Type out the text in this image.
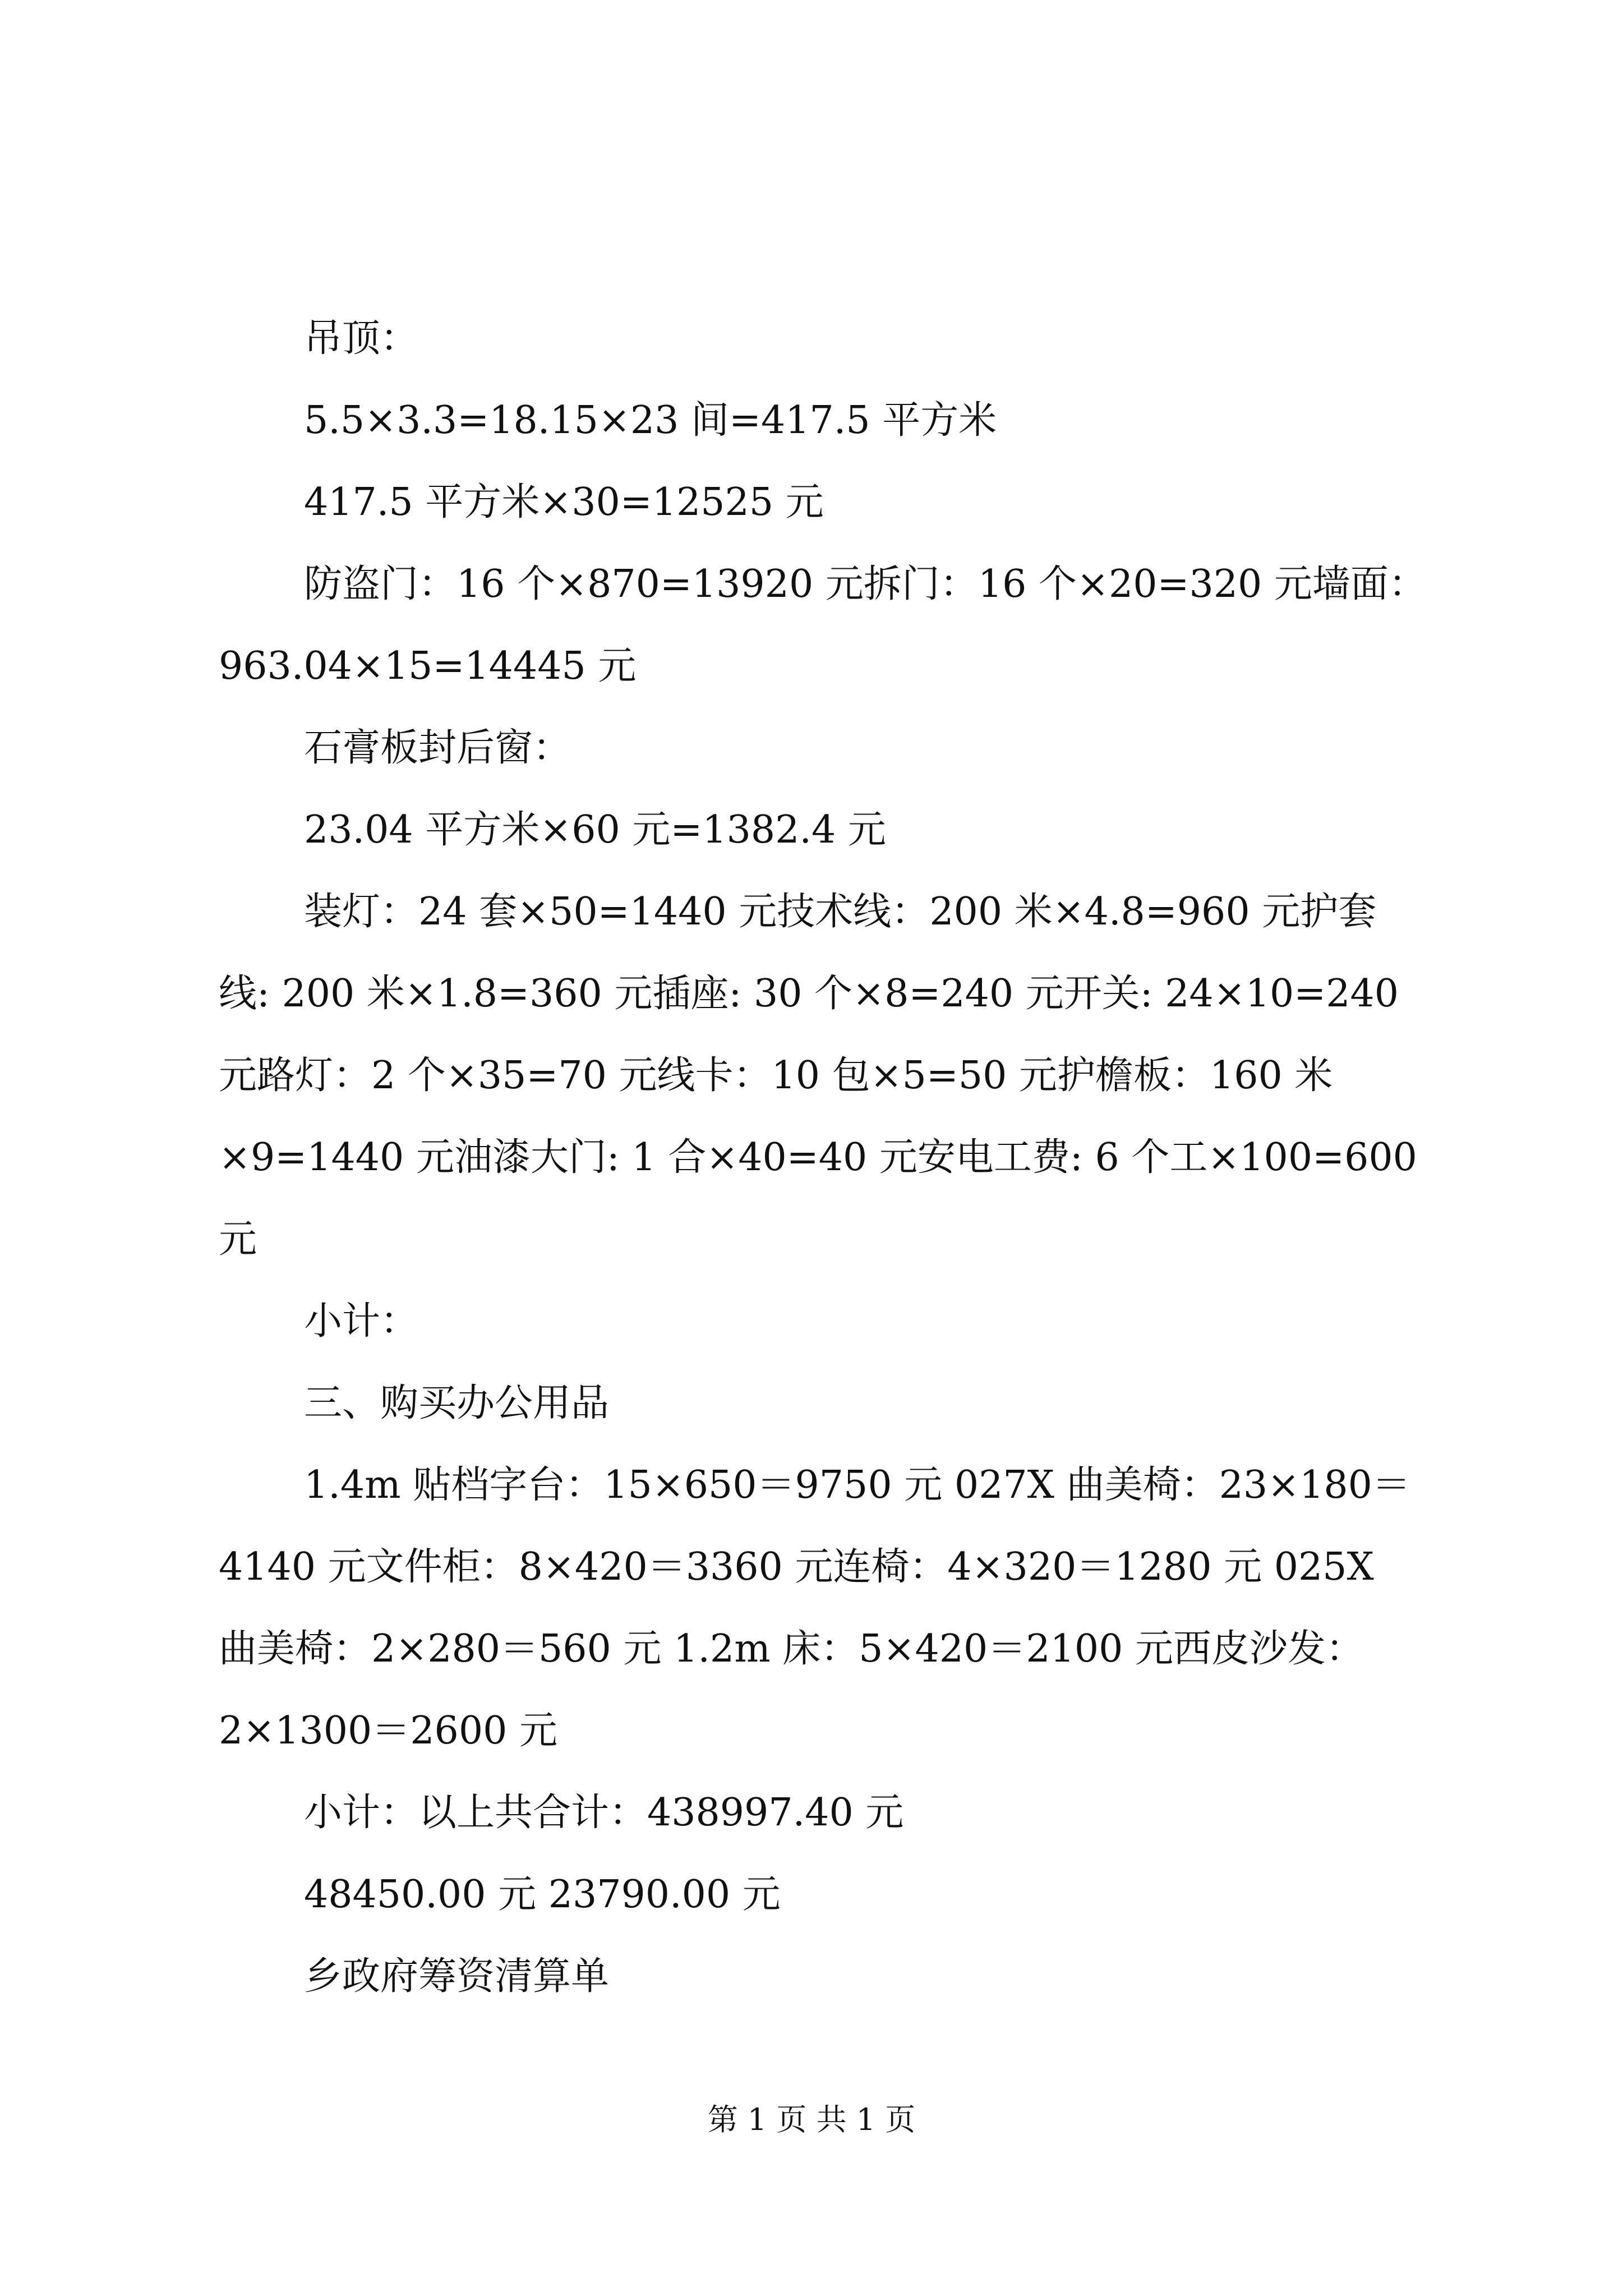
吊顶：
5.5×3.3=18.15×23 间=417.5 平方米
417.5 平方米×30=12525 元
防盗门：16 个×870=13920 元拆门：16 个×20=320 元墙面：
963.04×15=14445 元
石膏板封后窗：
23.04 平方米×60 元=1382.4 元
装灯：24 套×50=1440 元技术线：200 米×4.8=960 元护套
线: 200 米×1.8=360 元插座: 30 个×8=240 元开关: 24×10=240
元路灯：2 个×35=70 元线卡：10 包×5=50 元护檐板：160 米
×9=1440 元油漆大门: 1 合×40=40 元安电工费: 6 个工×100=600
元
小计：
三、购买办公用品
1.4m 贴档字台：15×650＝9750 元 027X 曲美椅：23×180＝
4140 元文件柜：8×420＝3360 元连椅：4×320＝1280 元 025X
曲美椅：2×280＝560 元 1.2m 床：5×420＝2100 元西皮沙发：
2×1300＝2600 元
小计：以上共合计：438997.40 元
48450.00 元 23790.00 元
乡政府筹资清算单
第 1 页 共 1 页
